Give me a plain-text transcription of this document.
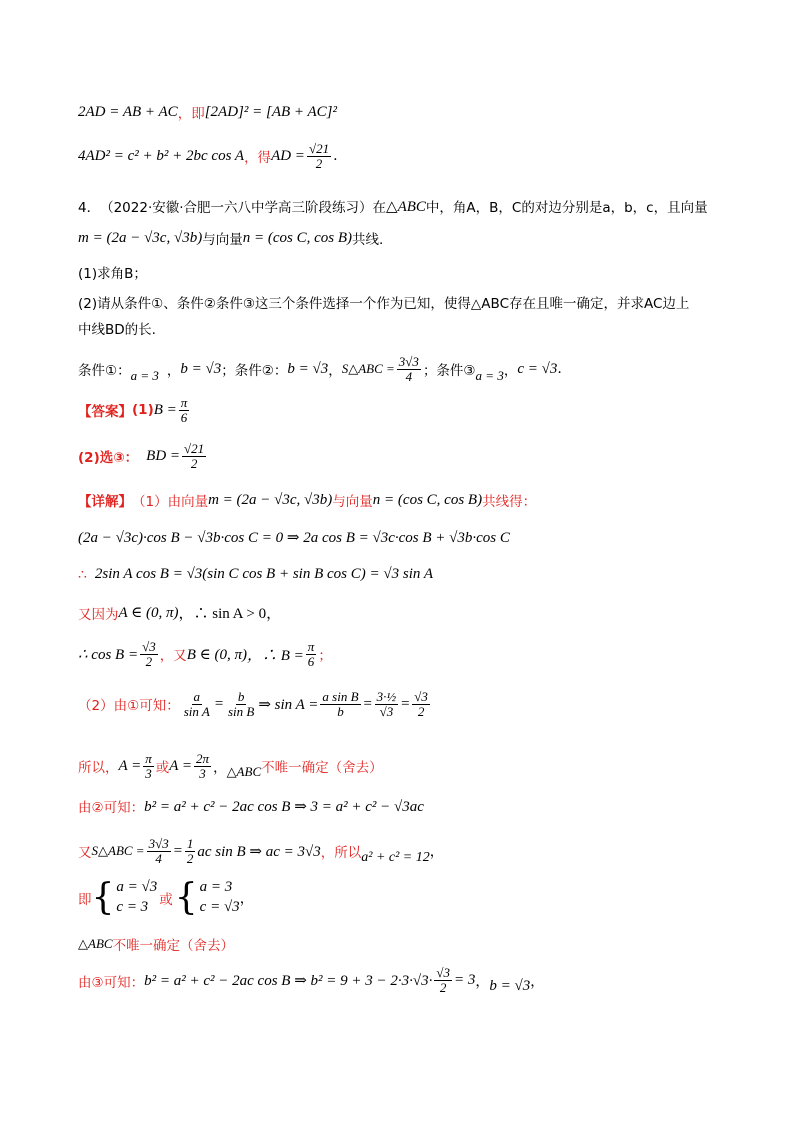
2AD = AB + AC ，即 [2AD]² = [AB + AC]²
4AD² = c² + b² + 2bc cos A ，得 AD = $\frac{√21}{2}$ .
4． （2022·安徽·合肥一六八中学高三阶段练习） 在 △ABC 中，角A，B，C的对边分别是a，b，c，且向量
m = (2a − √3c, √3b) 与向量 n = (cos C, cos B) 共线.
(1)求角B；
(2)请从条件①、条件②条件③这三个条件选择一个作为已知，使得△ABC存在且唯一确定，并求AC边上
中线BD的长.
条件①： a = 3 ， b = √3 ；条件②： b = √3 ， S△ABC = $\frac{3√3}{4}$ ；条件③ a = 3 ， c = √3 .
【答案】 (1) $B = \frac{\pi}{6}$
(2)选③： BD = $\frac{√21}{2}$
【详解】 （1）由向量 m = (2a − √3c, √3b) 与向量 n = (cos C, cos B) 共线得：
(2a − √3c)·cos B − √3b·cos C = 0 ⇒ 2a cos B = √3c·cos B + √3b·cos C
∴ 2sin A cos B = √3(sin C cos B + sin B cos C) = √3 sin A
又因为 A ∈ (0, π) ，∴ sin A > 0，
∴ $\cos B = \frac{√3}{2}$ ，又 B ∈ (0, π) ，∴ $B = \frac{\pi}{6}$ ；
（2）由①可知： $\frac{a}{\text{sin A}} = \frac{b}{\text{sin B}}$ ⇒ $\sin A = \frac{\text{a sin B}}{b} = \frac{\text{3·½}}{√3} = \frac{√3}{2}$
所以， $A = \frac{\pi}{3}$ 或 $A = \frac{2\pi}{3}$ ， △ABC 不唯一确定（舍去）
由②可知： b² = a² + c² − 2ac cos B ⇒ 3 = a² + c² − √3ac
又 S△ABC = $\frac{3√3}{4} = \frac{1}{2}$ ac sin B ⇒ ac = 3√3 ，所以 a² + c² = 12 ，
即 { a = √3
c = 3 或 { a = 3
c = √3 ，
△ABC 不唯一确定（舍去）
由③可知： b² = a² + c² − 2ac cos B ⇒ $b^2 = 9 + 3 - 2\cdot 3\cdot√3\cdot \frac{√3}{2} = 3$ ， b = √3 ，
